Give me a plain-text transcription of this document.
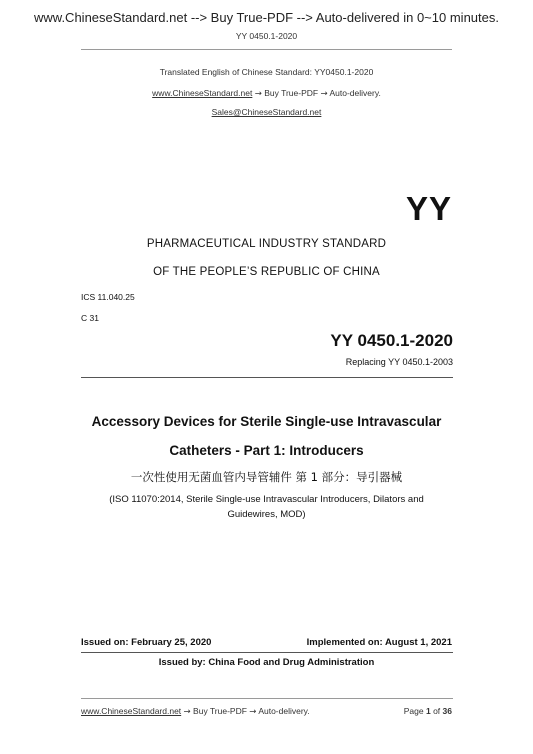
www.ChineseStandard.net --> Buy True-PDF --> Auto-delivered in 0~10 minutes.
YY 0450.1-2020
Translated English of Chinese Standard: YY0450.1-2020
www.ChineseStandard.net → Buy True-PDF → Auto-delivery.
Sales@ChineseStandard.net
YY
PHARMACEUTICAL INDUSTRY STANDARD
OF THE PEOPLE’S REPUBLIC OF CHINA
ICS 11.040.25
C 31
YY 0450.1-2020
Replacing YY 0450.1-2003
Accessory Devices for Sterile Single-use Intravascular
Catheters - Part 1: Introducers
一次性使用无菌血管内导管辅件 第 1 部分：导引器械
(ISO 11070:2014, Sterile Single-use Intravascular Introducers, Dilators and
Guidewires, MOD)
Issued on: February 25, 2020	Implemented on: August 1, 2021
Issued by: China Food and Drug Administration
www.ChineseStandard.net → Buy True-PDF → Auto-delivery.	Page 1 of 36
